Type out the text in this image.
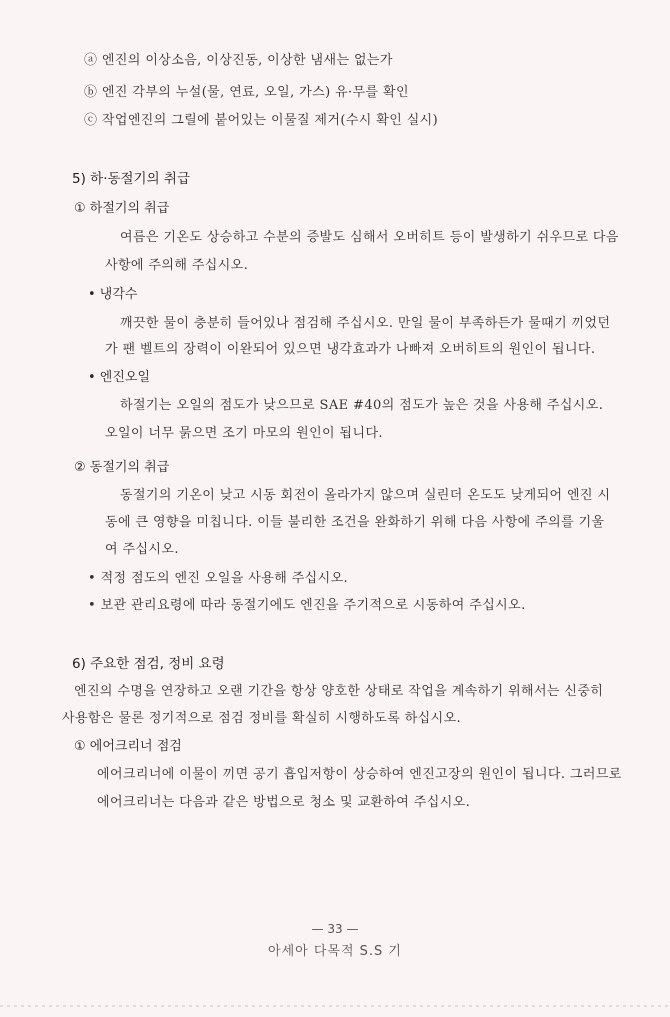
ⓐ 엔진의 이상소음, 이상진동, 이상한 냄새는 없는가
ⓑ 엔진 각부의 누설(물, 연료, 오일, 가스) 유·무를 확인
ⓒ 작업엔진의 그릴에 붙어있는 이물질 제거(수시 확인 실시)
5) 하·동절기의 취급
① 하절기의 취급
여름은 기온도 상승하고 수분의 증발도 심해서 오버히트 등이 발생하기 쉬우므로 다음
사항에 주의해 주십시오.
• 냉각수
깨끗한 물이 충분히 들어있나 점검해 주십시오. 만일 물이 부족하든가 물때기 끼었던
가 팬 벨트의 장력이 이완되어 있으면 냉각효과가 나빠져 오버히트의 원인이 됩니다.
• 엔진오일
하절기는 오일의 점도가 낮으므로 SAE #40의 점도가 높은 것을 사용해 주십시오.
오일이 너무 묽으면 조기 마모의 원인이 됩니다.
② 동절기의 취급
동절기의 기온이 낮고 시동 회전이 올라가지 않으며 실린더 온도도 낮게되어 엔진 시
동에 큰 영향을 미칩니다. 이들 불리한 조건을 완화하기 위해 다음 사항에 주의를 기울
여 주십시오.
• 적정 점도의 엔진 오일을 사용해 주십시오.
• 보관 관리요령에 따라 동절기에도 엔진을 주기적으로 시동하여 주십시오.
6) 주요한 점검, 정비 요령
엔진의 수명을 연장하고 오랜 기간을 항상 양호한 상태로 작업을 계속하기 위해서는 신중히
사용함은 물론 정기적으로 점검 정비를 확실히 시행하도록 하십시오.
① 에어크리너 점검
에어크리너에 이물이 끼면 공기 흡입저항이 상승하여 엔진고장의 원인이 됩니다. 그러므로
에어크리너는 다음과 같은 방법으로 청소 및 교환하여 주십시오.
— 33 —
아세아 다목적 S.S 기
